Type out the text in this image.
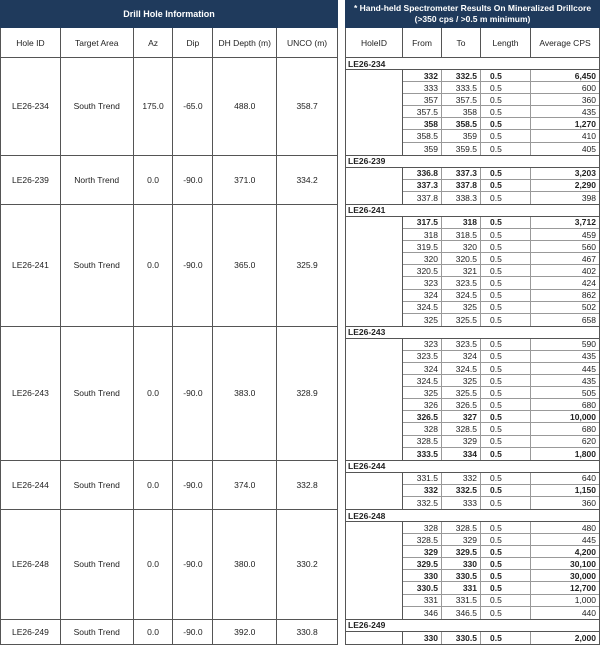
Drill Hole Information
Hole ID	Target Area	Az	Dip	DH Depth (m)	UNCO (m)
LE26-234	South Trend	175.0	-65.0	488.0	358.7
LE26-239	North Trend	0.0	-90.0	371.0	334.2
LE26-241	South Trend	0.0	-90.0	365.0	325.9
LE26-243	South Trend	0.0	-90.0	383.0	328.9
LE26-244	South Trend	0.0	-90.0	374.0	332.8
LE26-248	South Trend	0.0	-90.0	380.0	330.2
LE26-249	South Trend	0.0	-90.0	392.0	330.8
* Hand-held Spectrometer Results On Mineralized Drillcore
(>350 cps / >0.5 m minimum)
HoleID	From	To	Length	Average CPS
LE26-234
332	332.5	0.5	6,450
333	333.5	0.5	600
357	357.5	0.5	360
357.5	358	0.5	435
358	358.5	0.5	1,270
358.5	359	0.5	410
359	359.5	0.5	405
LE26-239
336.8	337.3	0.5	3,203
337.3	337.8	0.5	2,290
337.8	338.3	0.5	398
LE26-241
317.5	318	0.5	3,712
318	318.5	0.5	459
319.5	320	0.5	560
320	320.5	0.5	467
320.5	321	0.5	402
323	323.5	0.5	424
324	324.5	0.5	862
324.5	325	0.5	502
325	325.5	0.5	658
LE26-243
323	323.5	0.5	590
323.5	324	0.5	435
324	324.5	0.5	445
324.5	325	0.5	435
325	325.5	0.5	505
326	326.5	0.5	680
326.5	327	0.5	10,000
328	328.5	0.5	680
328.5	329	0.5	620
333.5	334	0.5	1,800
LE26-244
331.5	332	0.5	640
332	332.5	0.5	1,150
332.5	333	0.5	360
LE26-248
328	328.5	0.5	480
328.5	329	0.5	445
329	329.5	0.5	4,200
329.5	330	0.5	30,100
330	330.5	0.5	30,000
330.5	331	0.5	12,700
331	331.5	0.5	1,000
346	346.5	0.5	440
LE26-249
330	330.5	0.5	2,000
